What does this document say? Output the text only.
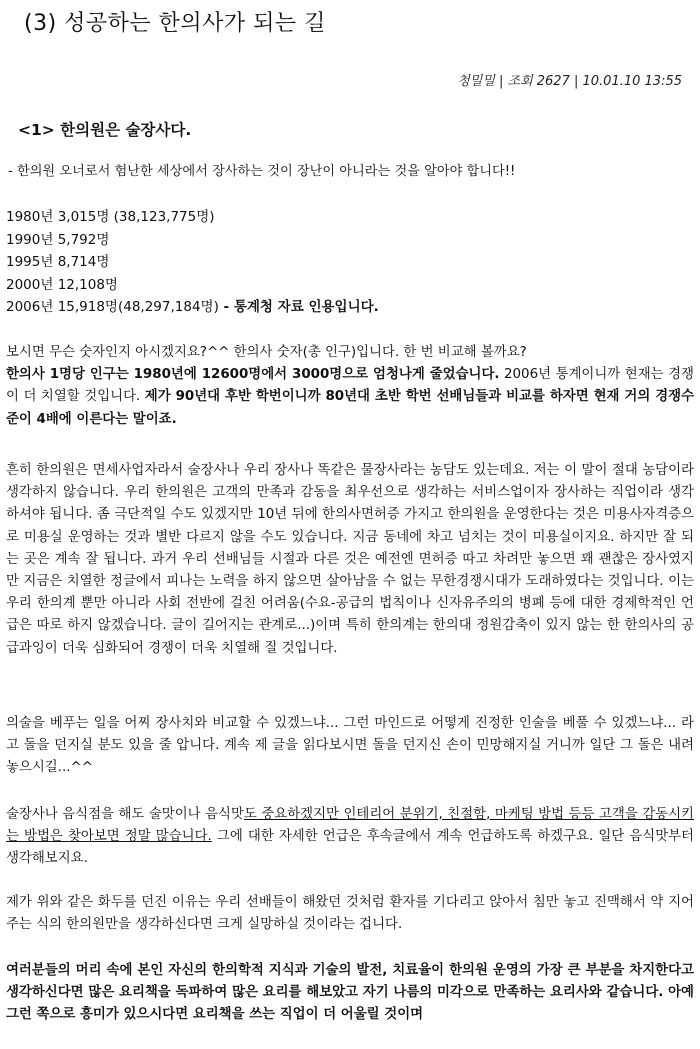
(3) 성공하는 한의사가 되는 길
청밀밀 | 조회 2627 | 10.01.10 13:55
<1> 한의원은 술장사다.
- 한의원 오너로서 험난한 세상에서 장사하는 것이 장난이 아니라는 것을 알아야 합니다!!
1980년 3,015명 (38,123,775명)
1990년 5,792명
1995년 8,714명
2000년 12,108명
2006년 15,918명(48,297,184명) - 통계청 자료 인용입니다.
보시면 무슨 숫자인지 아시겠지요?^^ 한의사 숫자(총 인구)입니다. 한 번 비교해 볼까요?
한의사 1명당 인구는 1980년에 12600명에서 3000명으로 엄청나게 줄었습니다. 2006년 통계이니까 현재는 경쟁이 더 치열할 것입니다. 제가 90년대 후반 학번이니까 80년대 초반 학번 선배님들과 비교를 하자면 현재 거의 경쟁수준이 4배에 이른다는 말이죠.
흔히 한의원은 면세사업자라서 술장사나 우리 장사나 똑같은 물장사라는 농담도 있는데요. 저는 이 말이 절대 농담이라 생각하지 않습니다. 우리 한의원은 고객의 만족과 감동을 최우선으로 생각하는 서비스업이자 장사하는 직업이라 생각하셔야 됩니다. 좀 극단적일 수도 있겠지만 10년 뒤에 한의사면허증 가지고 한의원을 운영한다는 것은 미용사자격증으로 미용실 운영하는 것과 별반 다르지 않을 수도 있습니다. 지금 동네에 차고 넘치는 것이 미용실이지요. 하지만 잘 되는 곳은 계속 잘 됩니다. 과거 우리 선배님들 시절과 다른 것은 예전엔 면허증 따고 차려만 놓으면 꽤 괜찮은 장사였지만 지금은 치열한 정글에서 피나는 노력을 하지 않으면 살아남을 수 없는 무한경쟁시대가 도래하였다는 것입니다. 이는 우리 한의계 뿐만 아니라 사회 전반에 걸친 어려움(수요-공급의 법칙이나 신자유주의의 병폐 등에 대한 경제학적인 언급은 따로 하지 않겠습니다. 글이 길어지는 관계로...)이며 특히 한의계는 한의대 정원감축이 있지 않는 한 한의사의 공급과잉이 더욱 심화되어 경쟁이 더욱 치열해 질 것입니다.
의술을 베푸는 일을 어찌 장사치와 비교할 수 있겠느냐... 그런 마인드로 어떻게 진정한 인술을 베풀 수 있겠느냐... 라고 돌을 던지실 분도 있을 줄 압니다. 계속 제 글을 읽다보시면 돌을 던지신 손이 민망해지실 거니까 일단 그 돌은 내려놓으시길...^^
술장사나 음식점을 해도 술맛이나 음식맛도 중요하겠지만 인테리어 분위기, 친절함, 마케팅 방법 등등 고객을 감동시키는 방법은 찾아보면 정말 많습니다. 그에 대한 자세한 언급은 후속글에서 계속 언급하도록 하겠구요. 일단 음식맛부터 생각해보지요.
제가 위와 같은 화두를 던진 이유는 우리 선배들이 해왔던 것처럼 환자를 기다리고 앉아서 침만 놓고 진맥해서 약 지어주는 식의 한의원만을 생각하신다면 크게 실망하실 것이라는 겁니다.
여러분들의 머리 속에 본인 자신의 한의학적 지식과 기술의 발전, 치료율이 한의원 운영의 가장 큰 부분을 차지한다고 생각하신다면 많은 요리책을 독파하여 많은 요리를 해보았고 자기 나름의 미각으로 만족하는 요리사와 같습니다. 아예 그런 쪽으로 흥미가 있으시다면 요리책을 쓰는 직업이 더 어울릴 것이며
